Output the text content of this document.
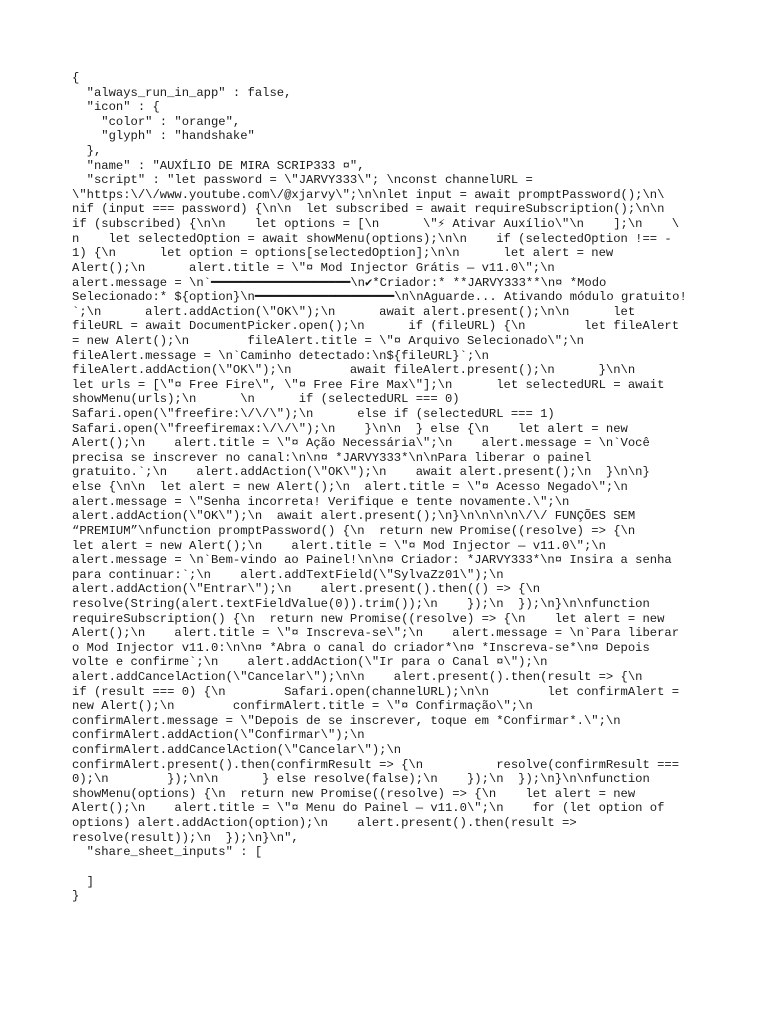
{
"always_run_in_app" : false,
"icon" : {
"color" : "orange",
"glyph" : "handshake"
},
"name" : "AUXÍLIO DE MIRA SCRIP333 ¤",
"script" : "let password = \"JARVY333\"; \nconst channelURL =
\"https:\/\/www.youtube.com\/@xjarvy\";\n\nlet input = await promptPassword();\n\
nif (input === password) {\n\n  let subscribed = await requireSubscription();\n\n
if (subscribed) {\n\n    let options = [\n      \"⚡ Ativar Auxílio\"\n    ];\n    \
n    let selectedOption = await showMenu(options);\n\n    if (selectedOption !== -
1) {\n      let option = options[selectedOption];\n\n      let alert = new
Alert();\n      alert.title = \"¤ Mod Injector Grátis — v11.0\";\n
alert.message = \n`━━━━━━━━━━━━━━━━━━━\n✔*Criador:* **JARVY333**\n¤ *Modo
Selecionado:* ${option}\n━━━━━━━━━━━━━━━━━━━\n\nAguarde... Ativando módulo gratuito!
`;\n      alert.addAction(\"OK\");\n      await alert.present();\n\n      let
fileURL = await DocumentPicker.open();\n      if (fileURL) {\n        let fileAlert
= new Alert();\n        fileAlert.title = \"¤ Arquivo Selecionado\";\n
fileAlert.message = \n`Caminho detectado:\n${fileURL}`;\n
fileAlert.addAction(\"OK\");\n        await fileAlert.present();\n      }\n\n
let urls = [\"¤ Free Fire\", \"¤ Free Fire Max\"];\n      let selectedURL = await
showMenu(urls);\n      \n      if (selectedURL === 0)
Safari.open(\"freefire:\/\/\");\n      else if (selectedURL === 1)
Safari.open(\"freefiremax:\/\/\");\n    }\n\n  } else {\n    let alert = new
Alert();\n    alert.title = \"¤ Ação Necessária\";\n    alert.message = \n`Você
precisa se inscrever no canal:\n\n¤ *JARVY333*\n\nPara liberar o painel
gratuito.`;\n    alert.addAction(\"OK\");\n    await alert.present();\n  }\n\n}
else {\n\n  let alert = new Alert();\n  alert.title = \"¤ Acesso Negado\";\n
alert.message = \"Senha incorreta! Verifique e tente novamente.\";\n
alert.addAction(\"OK\");\n  await alert.present();\n}\n\n\n\n\/\/ FUNÇÕES SEM
“PREMIUM”\nfunction promptPassword() {\n  return new Promise((resolve) => {\n
let alert = new Alert();\n    alert.title = \"¤ Mod Injector — v11.0\";\n
alert.message = \n`Bem-vindo ao Painel!\n\n¤ Criador: *JARVY333*\n¤ Insira a senha
para continuar:`;\n    alert.addTextField(\"SylvaZz01\");\n
alert.addAction(\"Entrar\");\n    alert.present().then(() => {\n
resolve(String(alert.textFieldValue(0)).trim());\n    });\n  });\n}\n\nfunction
requireSubscription() {\n  return new Promise((resolve) => {\n    let alert = new
Alert();\n    alert.title = \"¤ Inscreva-se\";\n    alert.message = \n`Para liberar
o Mod Injector v11.0:\n\n¤ *Abra o canal do criador*\n¤ *Inscreva-se*\n¤ Depois
volte e confirme`;\n    alert.addAction(\"Ir para o Canal ¤\");\n
alert.addCancelAction(\"Cancelar\");\n\n    alert.present().then(result => {\n
if (result === 0) {\n        Safari.open(channelURL);\n\n        let confirmAlert =
new Alert();\n        confirmAlert.title = \"¤ Confirmação\";\n
confirmAlert.message = \"Depois de se inscrever, toque em *Confirmar*.\";\n
confirmAlert.addAction(\"Confirmar\");\n
confirmAlert.addCancelAction(\"Cancelar\");\n
confirmAlert.present().then(confirmResult => {\n          resolve(confirmResult ===
0);\n        });\n\n      } else resolve(false);\n    });\n  });\n}\n\nfunction
showMenu(options) {\n  return new Promise((resolve) => {\n    let alert = new
Alert();\n    alert.title = \"¤ Menu do Painel — v11.0\";\n    for (let option of
options) alert.addAction(option);\n    alert.present().then(result =>
resolve(result));\n  });\n}\n",
"share_sheet_inputs" : [
]
}
